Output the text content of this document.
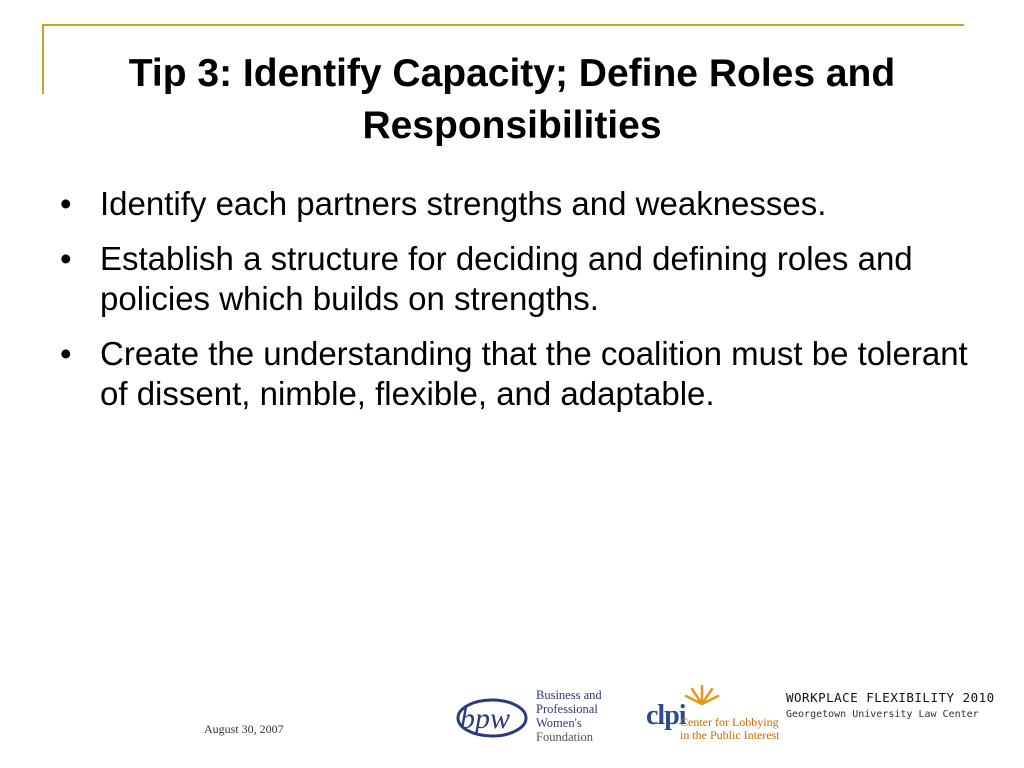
Tip 3: Identify Capacity; Define Roles and Responsibilities
• Identify each partners strengths and weaknesses.
• Establish a structure for deciding and defining roles and policies which builds on strengths.
• Create the understanding that the coalition must be tolerant of dissent, nimble, flexible, and adaptable.
August 30, 2007	bpw
Business and
Professional
Women's
Foundation
clpi
Center for Lobbying
in the Public Interest
WORKPLACE FLEXIBILITY 2010
Georgetown University Law Center
